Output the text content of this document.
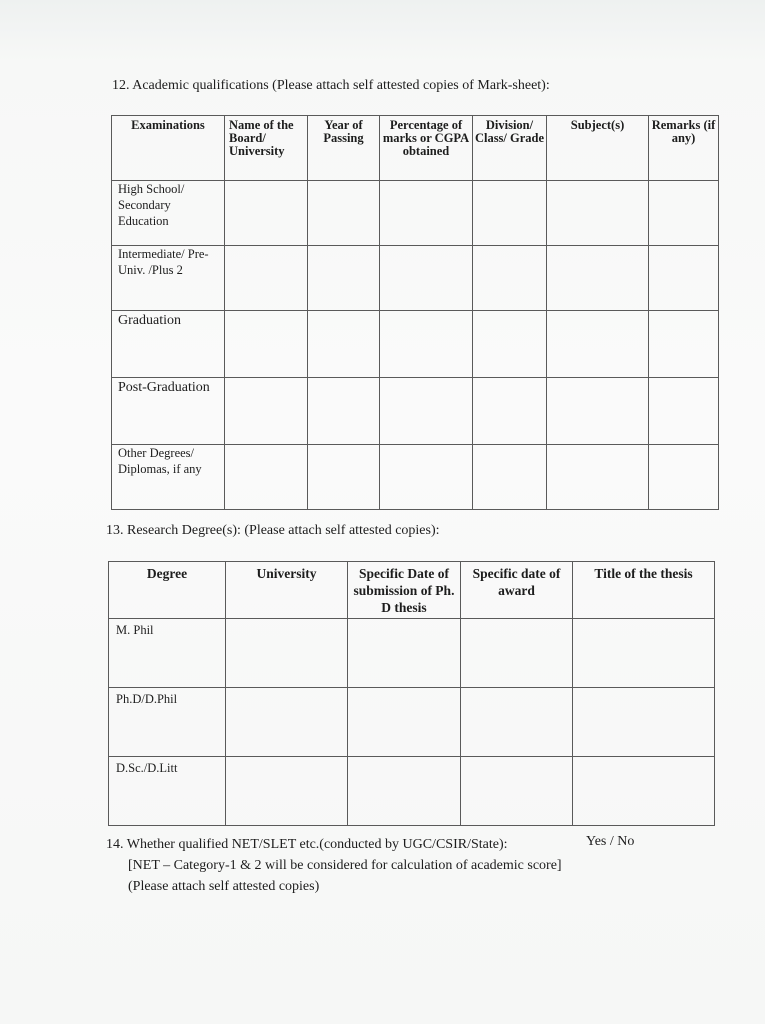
12. Academic qualifications (Please attach self attested copies of Mark-sheet):
Examinations	Name of the Board/ University	Year of Passing	Percentage of marks or CGPA obtained	Division/ Class/ Grade	Subject(s)	Remarks (if any)
High School/ Secondary Education						
Intermediate/ Pre-Univ. /Plus 2						
Graduation						
Post-Graduation						
Other Degrees/ Diplomas, if any						
13. Research Degree(s): (Please attach self attested copies):
Degree	University	Specific Date of submission of Ph. D thesis	Specific date of award	Title of the thesis
M. Phil				
Ph.D/D.Phil				
D.Sc./D.Litt				
14. Whether qualified NET/SLET etc.(conducted by UGC/CSIR/State):
[NET – Category-1 & 2 will be considered for calculation of academic score]
(Please attach self attested copies)
Yes / No
